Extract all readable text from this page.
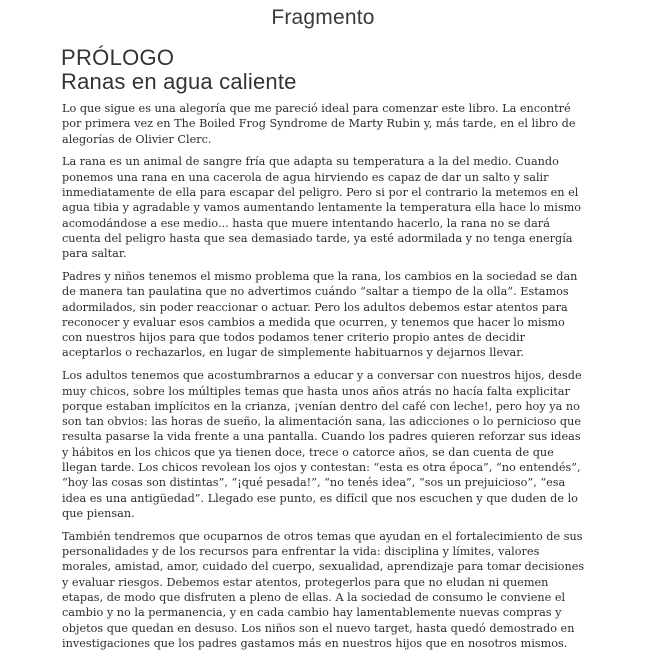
Fragmento
PRÓLOGO
Ranas en agua caliente

Lo que sigue es una alegoría que me pareció ideal para comenzar este libro. La encontré por primera vez en The Boiled Frog Syndrome de Marty Rubin y, más tarde, en el libro de alegorías de Olivier Clerc.

La rana es un animal de sangre fría que adapta su temperatura a la del medio. Cuando ponemos una rana en una cacerola de agua hirviendo es capaz de dar un salto y salir inmediatamente de ella para escapar del peligro. Pero si por el contrario la metemos en el agua tibia y agradable y vamos aumentando lentamente la temperatura ella hace lo mismo acomodándose a ese medio... hasta que muere intentando hacerlo, la rana no se dará cuenta del peligro hasta que sea demasiado tarde, ya esté adormilada y no tenga energía para saltar.

Padres y niños tenemos el mismo problema que la rana, los cambios en la sociedad se dan de manera tan paulatina que no advertimos cuándo “saltar a tiempo de la olla”. Estamos adormilados, sin poder reaccionar o actuar. Pero los adultos debemos estar atentos para reconocer y evaluar esos cambios a medida que ocurren, y tenemos que hacer lo mismo con nuestros hijos para que todos podamos tener criterio propio antes de decidir aceptarlos o rechazarlos, en lugar de simplemente habituarnos y dejarnos llevar.

Los adultos tenemos que acostumbrarnos a educar y a conversar con nuestros hijos, desde muy chicos, sobre los múltiples temas que hasta unos años atrás no hacía falta explicitar porque estaban implícitos en la crianza, ¡venían dentro del café con leche!, pero hoy ya no son tan obvios: las horas de sueño, la alimentación sana, las adicciones o lo pernicioso que resulta pasarse la vida frente a una pantalla. Cuando los padres quieren reforzar sus ideas y hábitos en los chicos que ya tienen doce, trece o catorce años, se dan cuenta de que llegan tarde. Los chicos revolean los ojos y contestan: “esta es otra época”, “no entendés”, “hoy las cosas son distintas”, “¡qué pesada!”, “no tenés idea”, “sos un prejuicioso”, “esa idea es una antigüedad”. Llegado ese punto, es difícil que nos escuchen y que duden de lo que piensan.

También tendremos que ocuparnos de otros temas que ayudan en el fortalecimiento de sus personalidades y de los recursos para enfrentar la vida: disciplina y límites, valores morales, amistad, amor, cuidado del cuerpo, sexualidad, aprendizaje para tomar decisiones y evaluar riesgos. Debemos estar atentos, protegerlos para que no eludan ni quemen etapas, de modo que disfruten a pleno de ellas. A la sociedad de consumo le conviene el cambio y no la permanencia, y en cada cambio hay lamentablemente nuevas compras y objetos que quedan en desuso. Los niños son el nuevo target, hasta quedó demostrado en investigaciones que los padres gastamos más en nuestros hijos que en nosotros mismos.
